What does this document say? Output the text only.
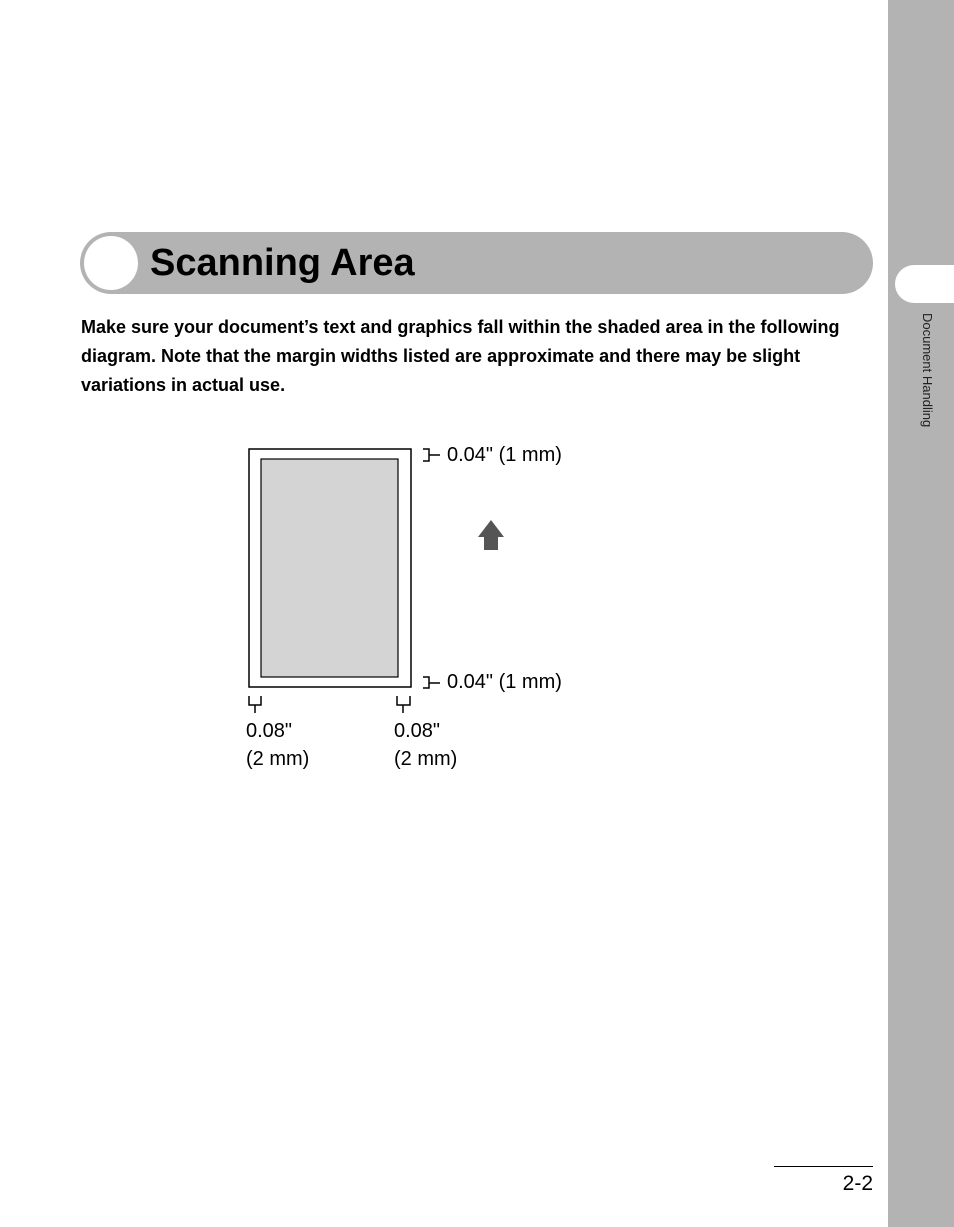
Document Handling
Scanning Area
Make sure your document’s text and graphics fall within the shaded area in the following diagram. Note that the margin widths listed are approximate and there may be slight variations in actual use.
0.04" (1 mm)
0.04" (1 mm)
0.08"
(2 mm)
0.08"
(2 mm)
2-2
